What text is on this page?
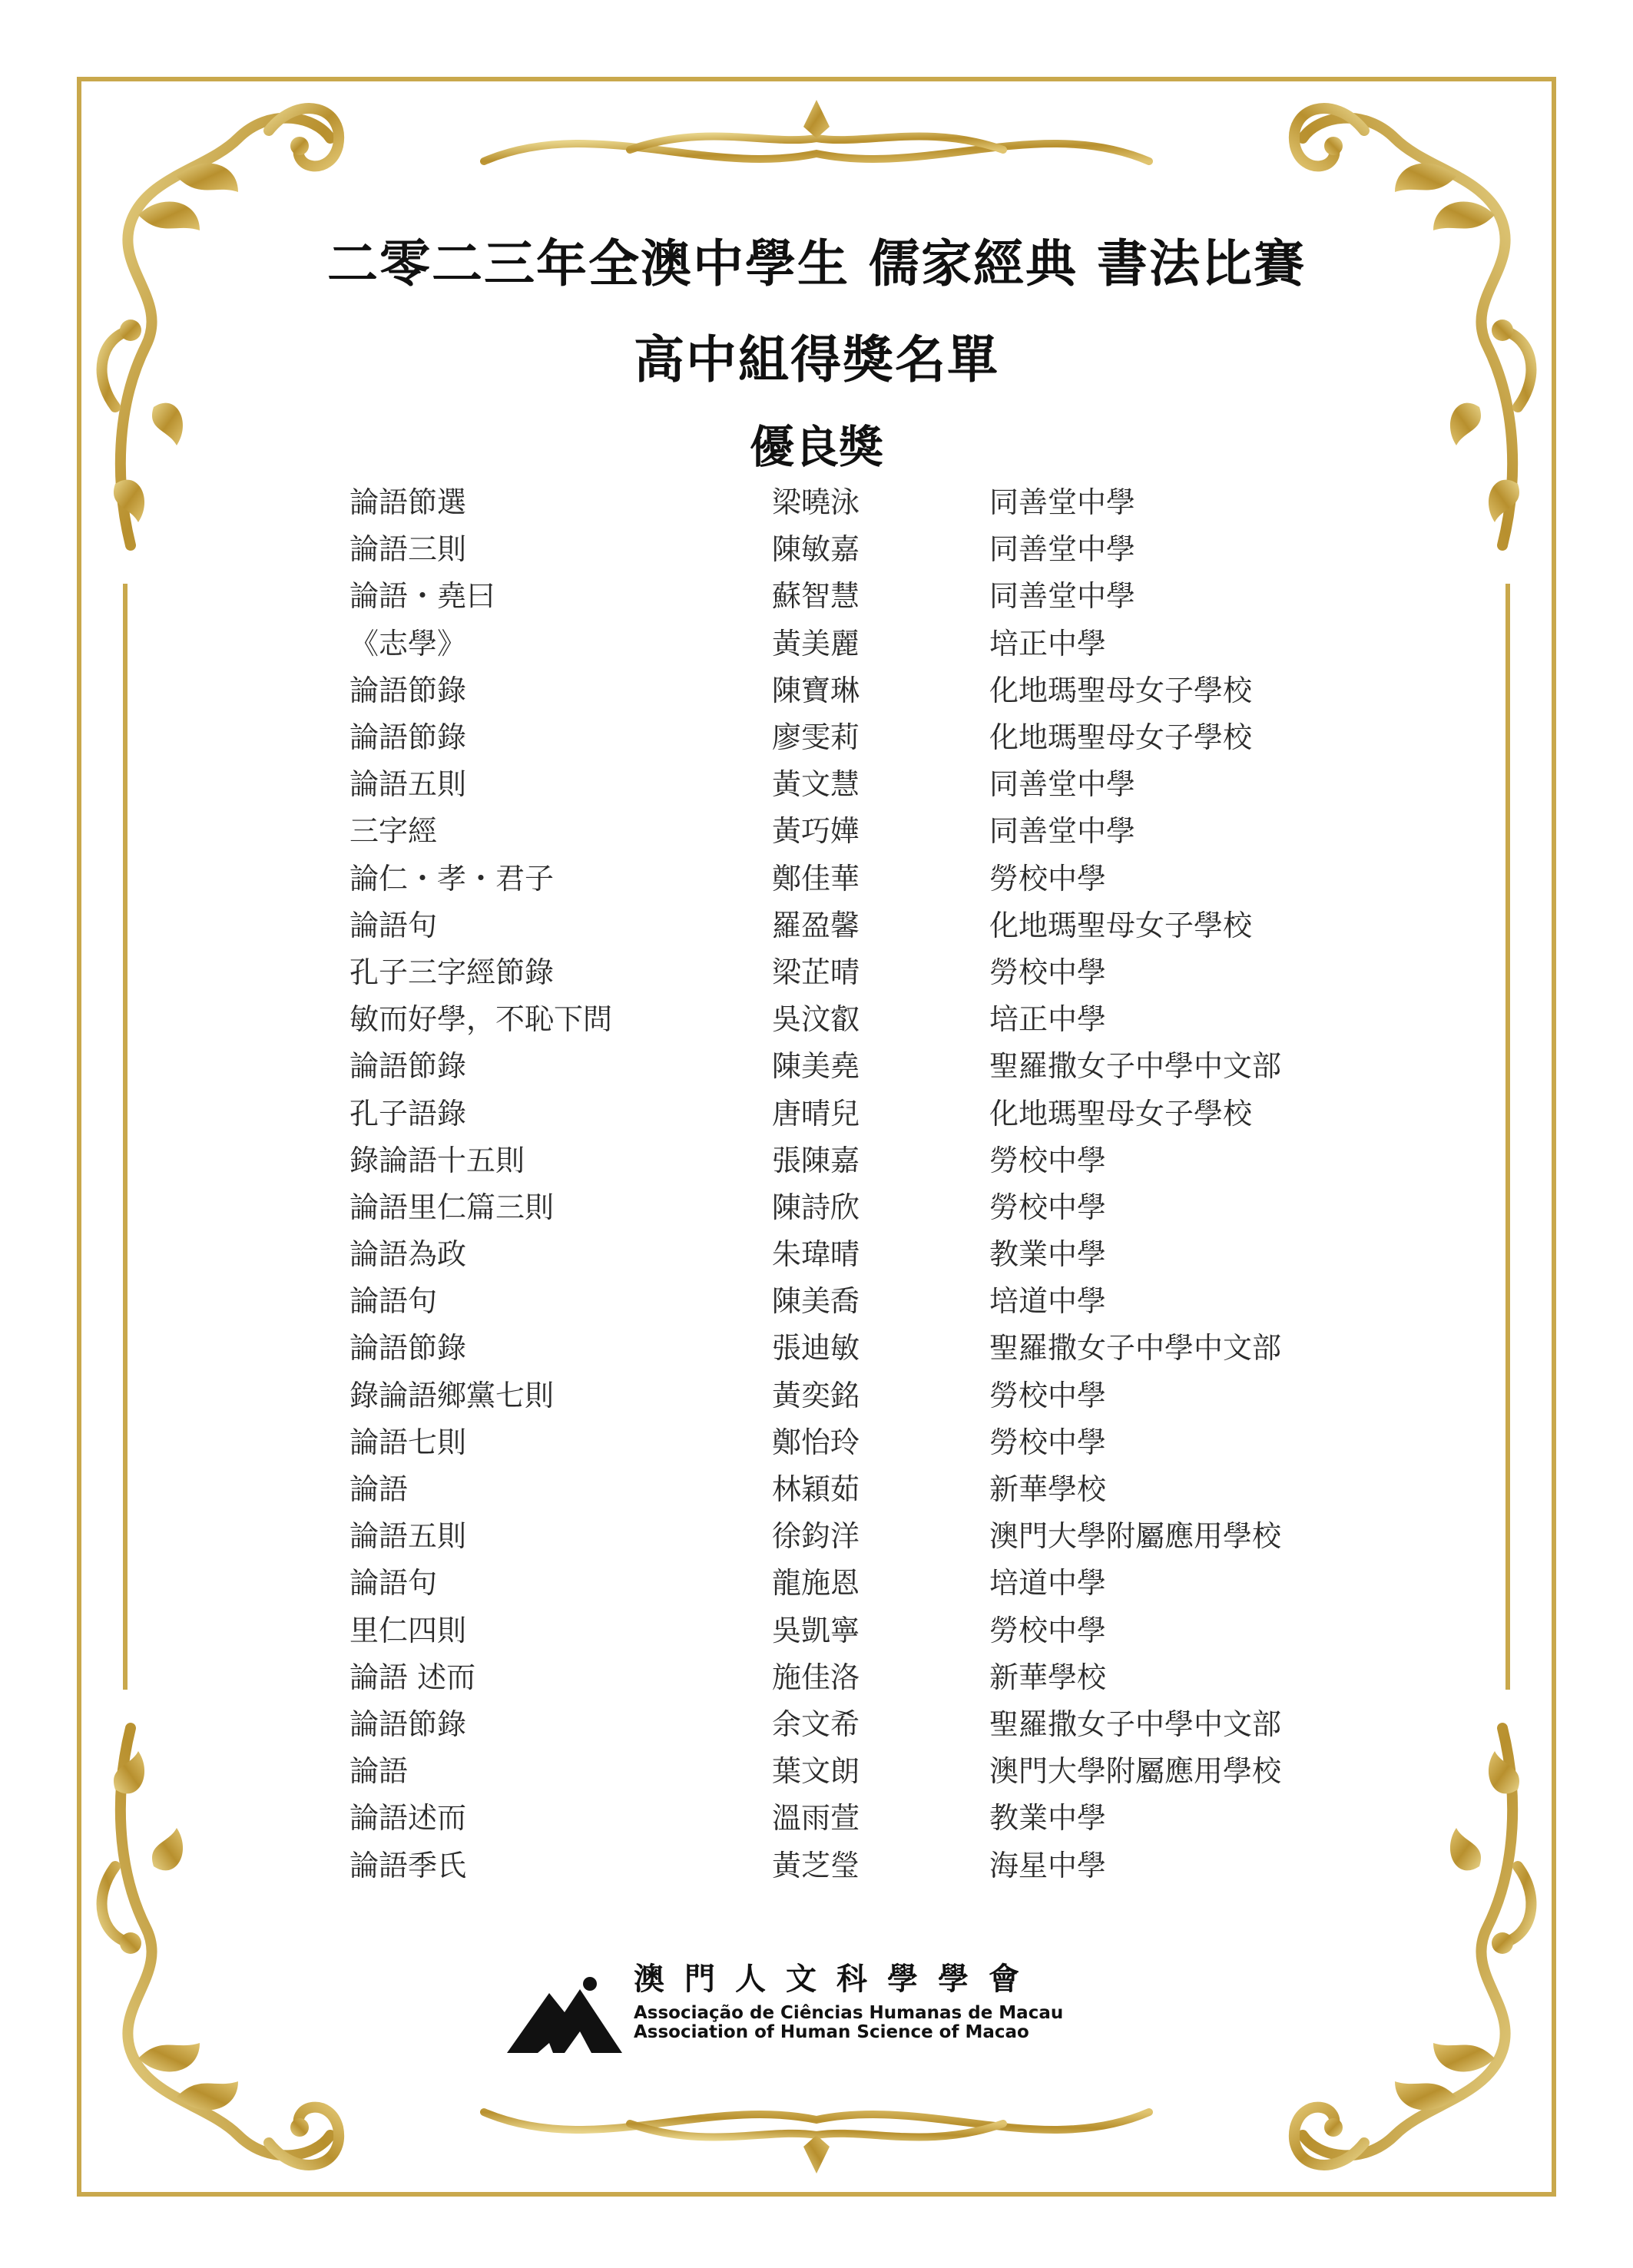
二零二三年全澳中學生 儒家經典 書法比賽
高中組得獎名單
優良獎
論語節選	梁曉泳	同善堂中學
論語三則	陳敏嘉	同善堂中學
論語・堯曰	蘇智慧	同善堂中學
《志學》	黃美麗	培正中學
論語節錄	陳寶琳	化地瑪聖母女子學校
論語節錄	廖雯莉	化地瑪聖母女子學校
論語五則	黃文慧	同善堂中學
三字經	黃巧嬅	同善堂中學
論仁・孝・君子	鄭佳華	勞校中學
論語句	羅盈馨	化地瑪聖母女子學校
孔子三字經節錄	梁芷晴	勞校中學
敏而好學，不恥下問	吳汶叡	培正中學
論語節錄	陳美堯	聖羅撒女子中學中文部
孔子語錄	唐晴兒	化地瑪聖母女子學校
錄論語十五則	張陳嘉	勞校中學
論語里仁篇三則	陳詩欣	勞校中學
論語為政	朱瑋晴	教業中學
論語句	陳美喬	培道中學
論語節錄	張迪敏	聖羅撒女子中學中文部
錄論語鄉黨七則	黃奕銘	勞校中學
論語七則	鄭怡玲	勞校中學
論語	林穎茹	新華學校
論語五則	徐鈞洋	澳門大學附屬應用學校
論語句	龍施恩	培道中學
里仁四則	吳凱寧	勞校中學
論語 述而	施佳洛	新華學校
論語節錄	余文希	聖羅撒女子中學中文部
論語	葉文朗	澳門大學附屬應用學校
論語述而	溫雨萱	教業中學
論語季氏	黃芝瑩	海星中學
澳門人文科學學會
Associação de Ciências Humanas de Macau
Association of Human Science of Macao
